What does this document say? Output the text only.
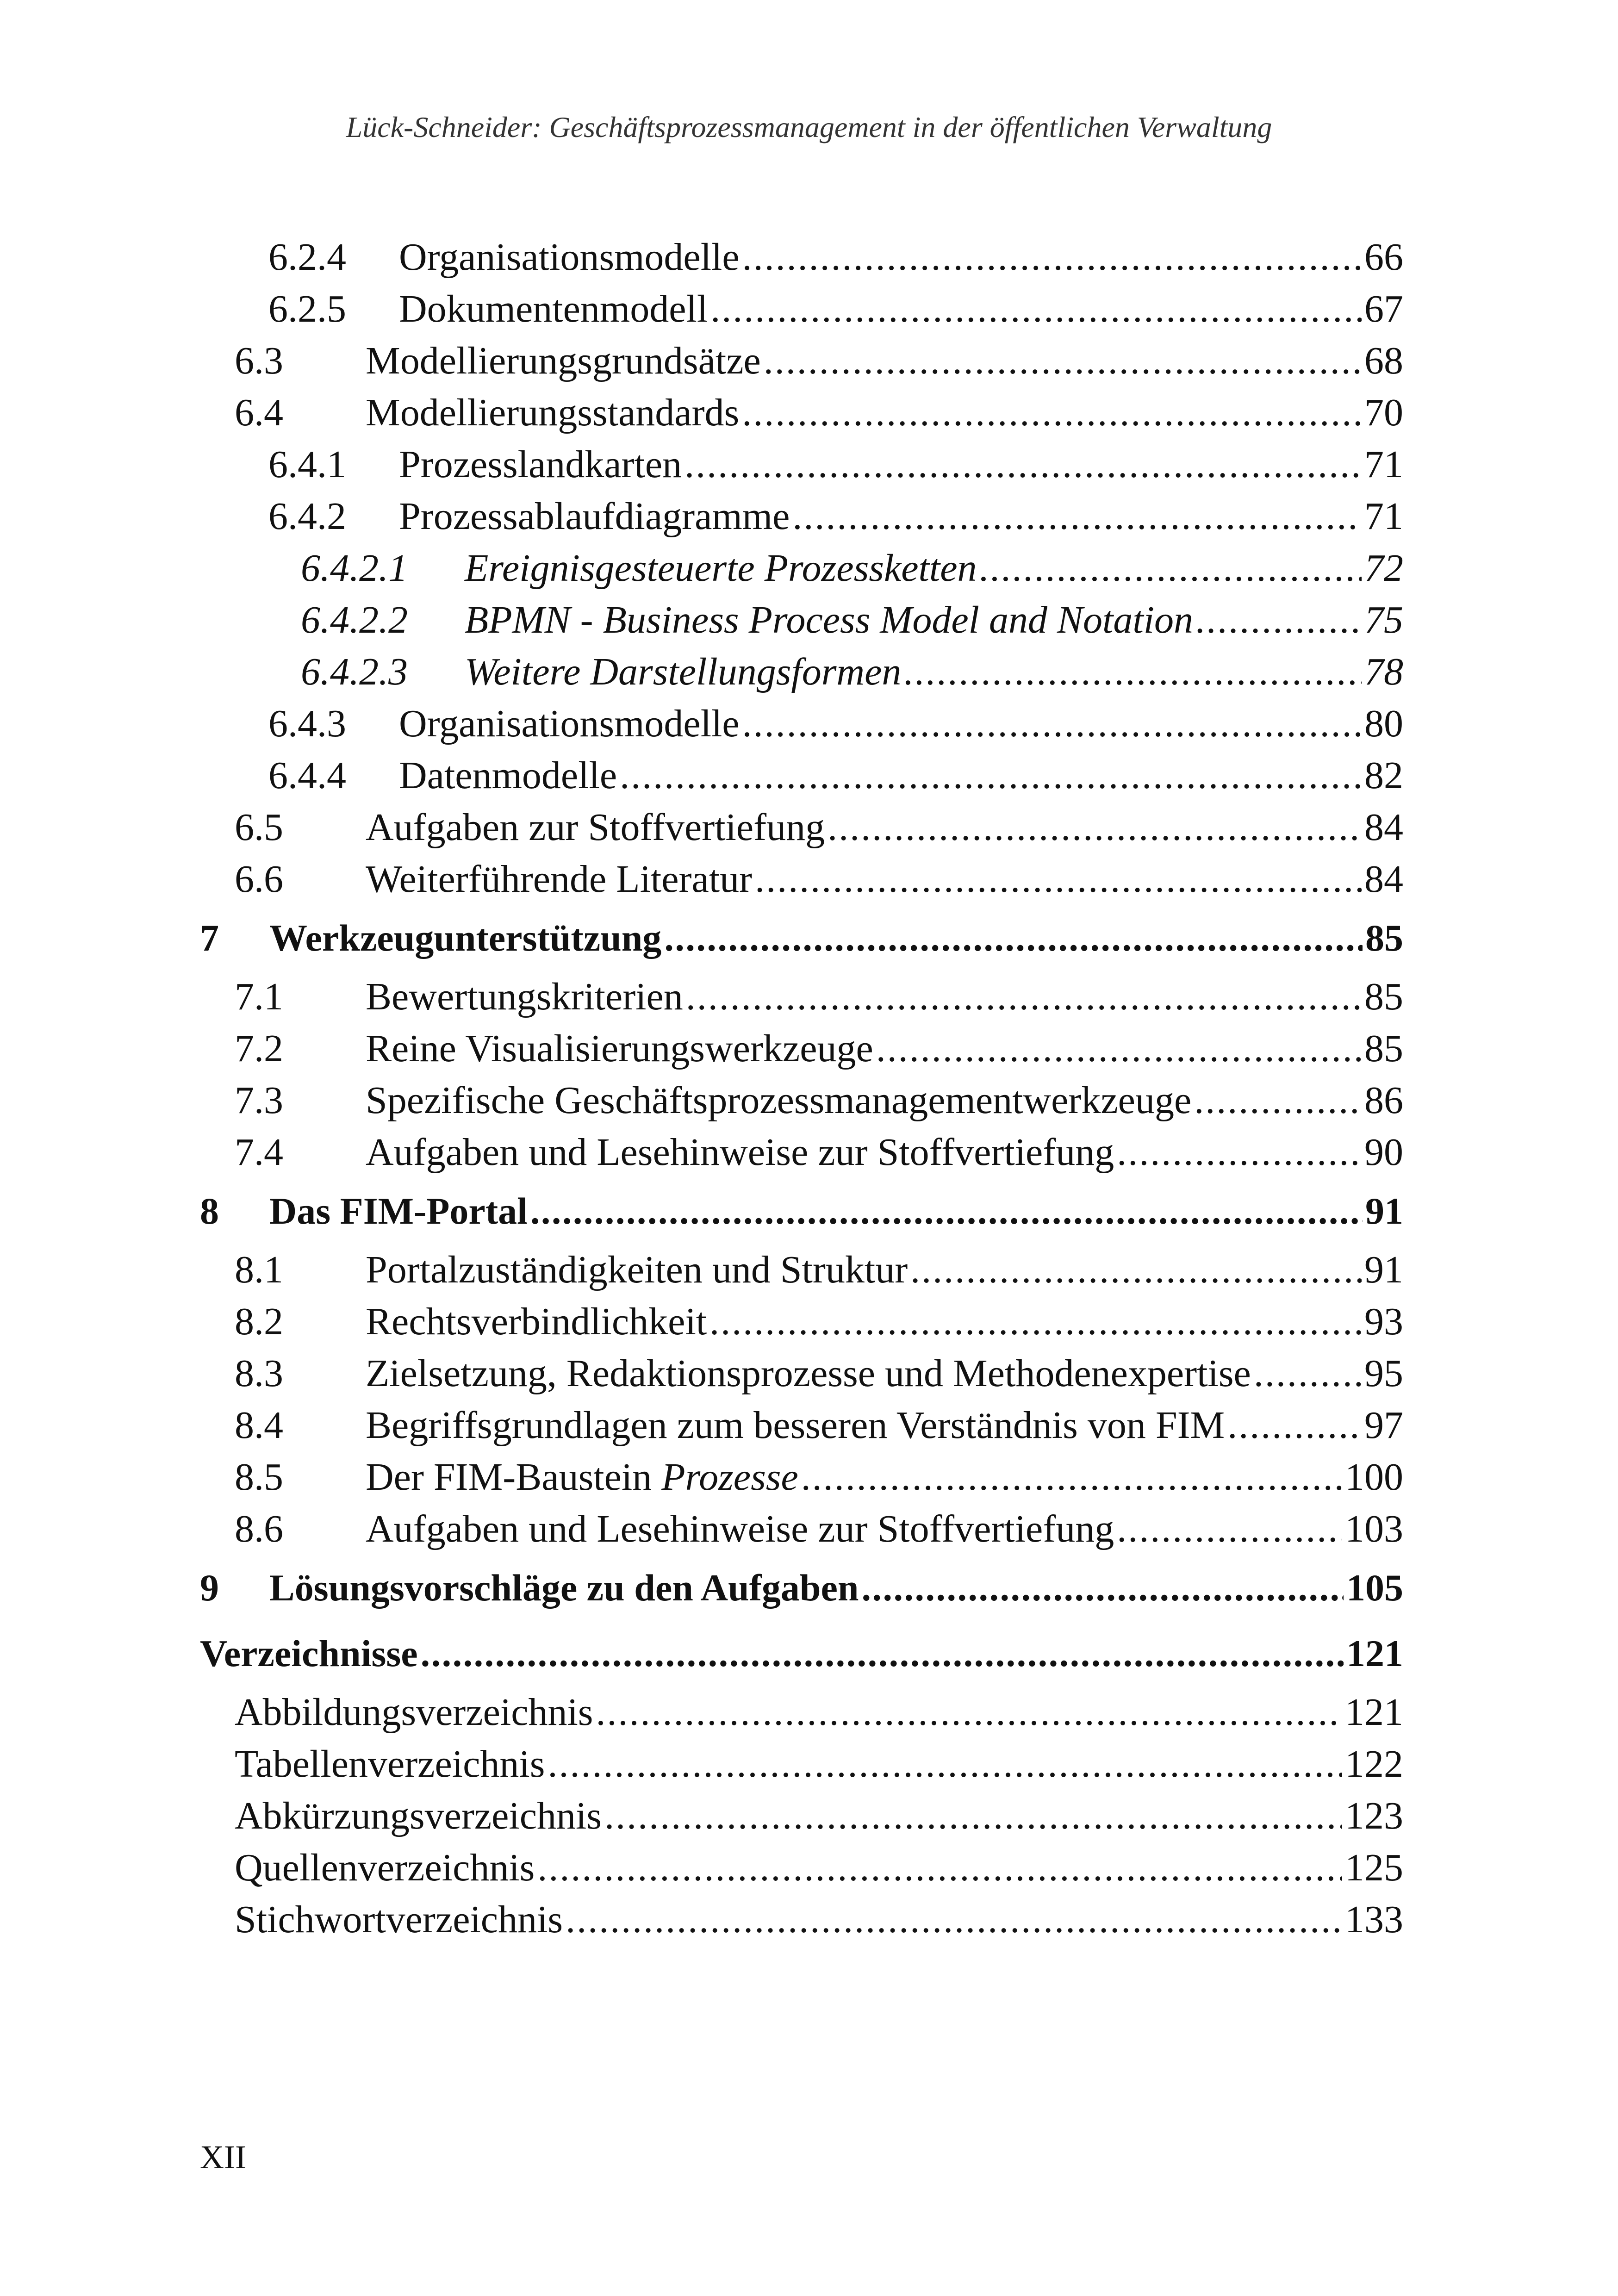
Lück-Schneider: Geschäftsprozessmanagement in der öffentlichen Verwaltung
6.2.4 Organisationsmodelle . . .	66
6.2.5 Dokumentenmodell . . .	67
6.3 Modellierungsgrundsätze . . .	68
6.4 Modellierungsstandards . . .	70
6.4.1 Prozesslandkarten . . .	71
6.4.2 Prozessablaufdiagramme . . .	71
6.4.2.1 Ereignisgesteuerte Prozessketten . . .	72
6.4.2.2 BPMN - Business Process Model and Notation . . .	75
6.4.2.3 Weitere Darstellungsformen . . .	78
6.4.3 Organisationsmodelle . . .	80
6.4.4 Datenmodelle . . .	82
6.5 Aufgaben zur Stoffvertiefung . . .	84
6.6 Weiterführende Literatur . . .	84
7 Werkzeugunterstützung . . .	85
7.1 Bewertungskriterien . . .	85
7.2 Reine Visualisierungswerkzeuge . . .	85
7.3 Spezifische Geschäftsprozessmanagementwerkzeuge . . .	86
7.4 Aufgaben und Lesehinweise zur Stoffvertiefung . . .	90
8 Das FIM-Portal . . .	91
8.1 Portalzuständigkeiten und Struktur . . .	91
8.2 Rechtsverbindlichkeit . . .	93
8.3 Zielsetzung, Redaktionsprozesse und Methodenexpertise . . .	95
8.4 Begriffsgrundlagen zum besseren Verständnis von FIM . . .	97
8.5 Der FIM-Baustein Prozesse . . .	100
8.6 Aufgaben und Lesehinweise zur Stoffvertiefung . . .	103
9 Lösungsvorschläge zu den Aufgaben . . .	105
Verzeichnisse . . .	121
Abbildungsverzeichnis . . .	121
Tabellenverzeichnis . . .	122
Abkürzungsverzeichnis . . .	123
Quellenverzeichnis . . .	125
Stichwortverzeichnis . . .	133
XII
